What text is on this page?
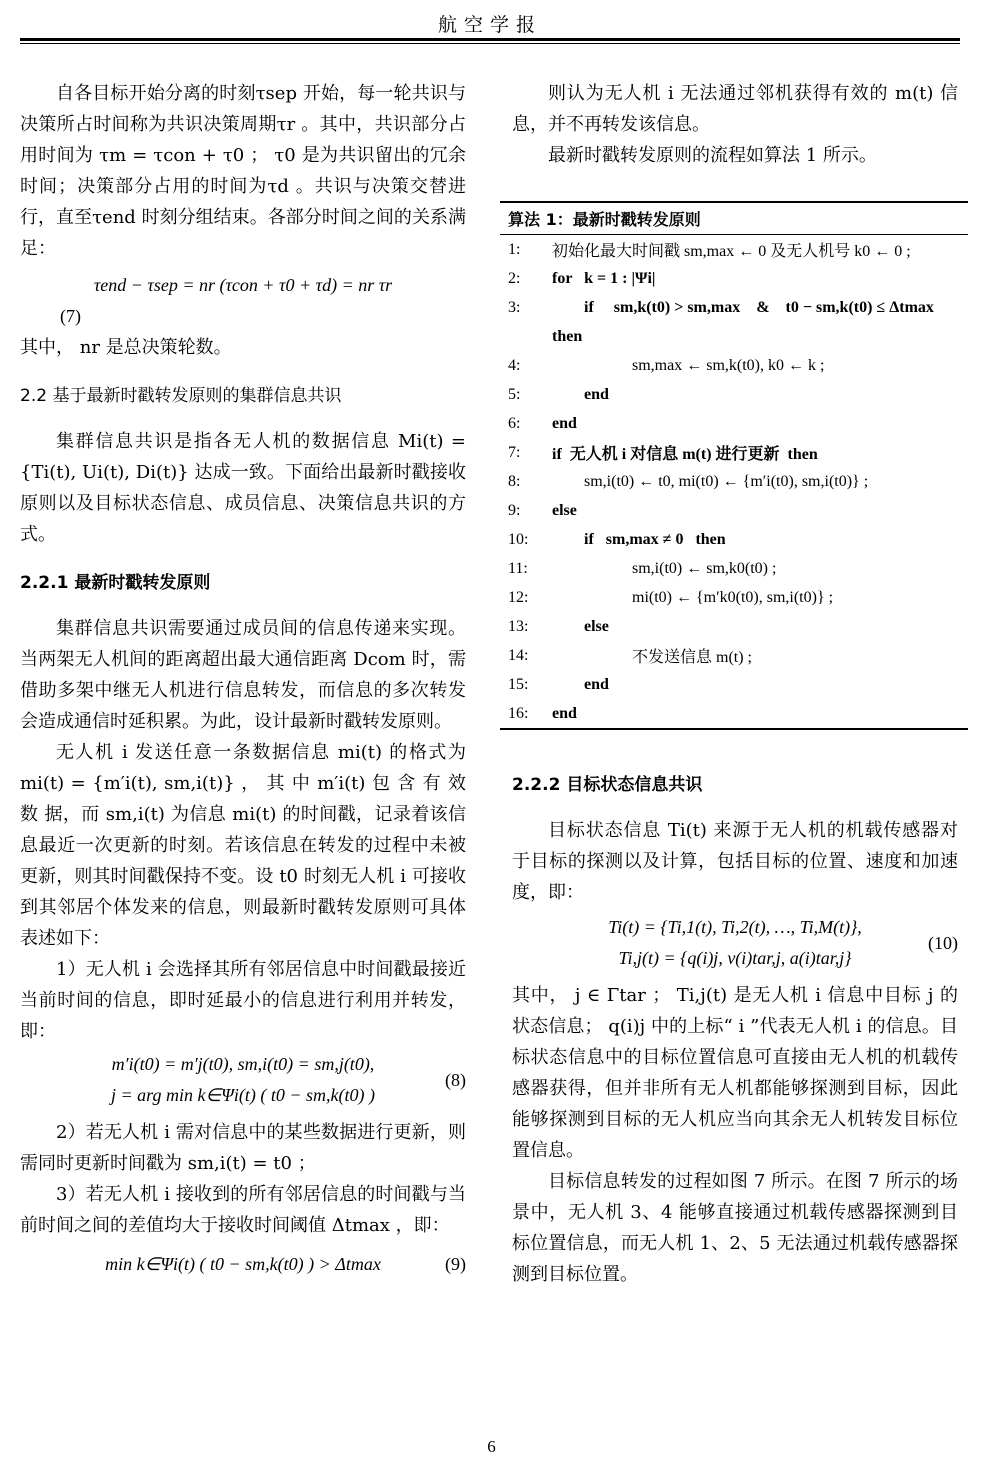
航空学报

自各目标开始分离的时刻τsep 开始，每一轮共识与决策所占时间称为共识决策周期τr 。其中，共识部分占用时间为 τm = τcon + τ0 ； τ0 是为共识留出的冗余时间；决策部分占用的时间为τd 。共识与决策交替进行，直至τend 时刻分组结束。各部分时间之间的关系满足：

τend − τsep = nr (τcon + τ0 + τd) = nr τr
(7)

其中， nr 是总决策轮数。

2.2 基于最新时戳转发原则的集群信息共识

集群信息共识是指各无人机的数据信息 Mi(t) = {Ti(t), Ui(t), Di(t)} 达成一致。下面给出最新时戳接收原则以及目标状态信息、成员信息、决策信息共识的方式。

2.2.1 最新时戳转发原则

集群信息共识需要通过成员间的信息传递来实现。当两架无人机间的距离超出最大通信距离 Dcom 时，需借助多架中继无人机进行信息转发，而信息的多次转发会造成通信时延积累。为此，设计最新时戳转发原则。

无人机 i 发送任意一条数据信息 mi(t) 的格式为 mi(t) = {m′i(t), sm,i(t)} ， 其 中 m′i(t) 包 含 有 效 数 据，而 sm,i(t) 为信息 mi(t) 的时间戳，记录着该信息最近一次更新的时刻。若该信息在转发的过程中未被更新，则其时间戳保持不变。设 t0 时刻无人机 i 可接收到其邻居个体发来的信息，则最新时戳转发原则可具体表述如下：

1）无人机 i 会选择其所有邻居信息中时间戳最接近当前时间的信息，即时延最小的信息进行利用并转发，即：

m′i(t0) = m′j(t0), sm,i(t0) = sm,j(t0),
j = arg min k∈Ψi(t) ( t0 − sm,k(t0) )
(8)

2）若无人机 i 需对信息中的某些数据进行更新，则需同时更新时间戳为 sm,i(t) = t0 ；

3）若无人机 i 接收到的所有邻居信息的时间戳与当前时间之间的差值均大于接收时间阈值 Δtmax ，即：

min k∈Ψi(t) ( t0 − sm,k(t0) ) > Δtmax	(9)

则认为无人机 i 无法通过邻机获得有效的 m(t) 信息，并不再转发该信息。

最新时戳转发原则的流程如算法 1 所示。

算法 1：最新时戳转发原则
1:	初始化最大时间戳 sm,max ← 0 及无人机号 k0 ← 0 ;
2:	for   k = 1 : |Ψi|
3:	if     sm,k(t0) > sm,max    &    t0 − sm,k(t0) ≤ Δtmax
then
4:	sm,max ← sm,k(t0), k0 ← k ;
5:	end
6:	end
7:	if  无人机 i 对信息 m(t) 进行更新  then
8:	sm,i(t0) ← t0, mi(t0) ← {m′i(t0), sm,i(t0)} ;
9:	else
10:	if   sm,max ≠ 0   then
11:	sm,i(t0) ← sm,k0(t0) ;
12:	mi(t0) ← {m′k0(t0), sm,i(t0)} ;
13:	else
14:	不发送信息 m(t) ;
15:	end
16:	end
2.2.2 目标状态信息共识

目标状态信息 Ti(t) 来源于无人机的机载传感器对于目标的探测以及计算，包括目标的位置、速度和加速度，即：

Ti(t) = {Ti,1(t), Ti,2(t), …, Ti,M(t)},
Ti,j(t) = {q(i)j, v(i)tar,j, a(i)tar,j}
(10)

其中， j ∈ Γtar ； Ti,j(t) 是无人机 i 信息中目标 j 的状态信息； q(i)j 中的上标“ i ”代表无人机 i 的信息。目标状态信息中的目标位置信息可直接由无人机的机载传感器获得，但并非所有无人机都能够探测到目标，因此能够探测到目标的无人机应当向其余无人机转发目标位置信息。

目标信息转发的过程如图 7 所示。在图 7 所示的场景中，无人机 3、4 能够直接通过机载传感器探测到目标位置信息，而无人机 1、2、5 无法通过机载传感器探测到目标位置。

6
